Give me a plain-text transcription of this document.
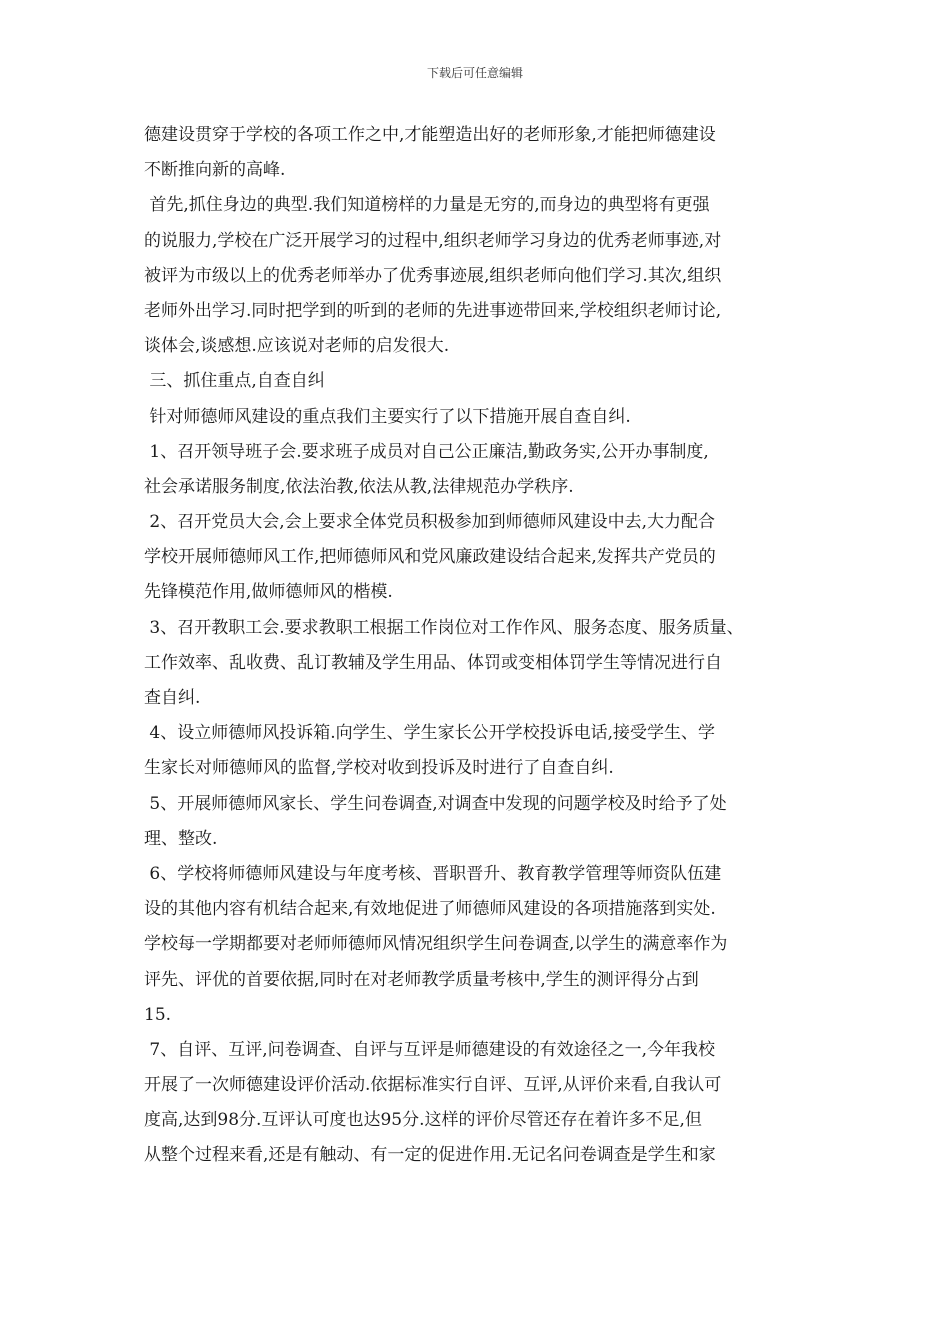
下载后可任意编辑
德建设贯穿于学校的各项工作之中,才能塑造出好的老师形象,才能把师德建设
不断推向新的高峰.
首先,抓住身边的典型.我们知道榜样的力量是无穷的,而身边的典型将有更强
的说服力,学校在广泛开展学习的过程中,组织老师学习身边的优秀老师事迹,对
被评为市级以上的优秀老师举办了优秀事迹展,组织老师向他们学习.其次,组织
老师外出学习.同时把学到的听到的老师的先进事迹带回来,学校组织老师讨论,
谈体会,谈感想.应该说对老师的启发很大.
三、抓住重点,自查自纠
针对师德师风建设的重点我们主要实行了以下措施开展自查自纠.
1、召开领导班子会.要求班子成员对自己公正廉洁,勤政务实,公开办事制度,
社会承诺服务制度,依法治教,依法从教,法律规范办学秩序.
2、召开党员大会,会上要求全体党员积极参加到师德师风建设中去,大力配合
学校开展师德师风工作,把师德师风和党风廉政建设结合起来,发挥共产党员的
先锋模范作用,做师德师风的楷模.
3、召开教职工会.要求教职工根据工作岗位对工作作风、服务态度、服务质量、
工作效率、乱收费、乱订教辅及学生用品、体罚或变相体罚学生等情况进行自
查自纠.
4、设立师德师风投诉箱.向学生、学生家长公开学校投诉电话,接受学生、学
生家长对师德师风的监督,学校对收到投诉及时进行了自查自纠.
5、开展师德师风家长、学生问卷调查,对调查中发现的问题学校及时给予了处
理、整改.
6、学校将师德师风建设与年度考核、晋职晋升、教育教学管理等师资队伍建
设的其他内容有机结合起来,有效地促进了师德师风建设的各项措施落到实处.
学校每一学期都要对老师师德师风情况组织学生问卷调查,以学生的满意率作为
评先、评优的首要依据,同时在对老师教学质量考核中,学生的测评得分占到
15.
7、自评、互评,问卷调查、自评与互评是师德建设的有效途径之一,今年我校
开展了一次师德建设评价活动.依据标准实行自评、互评,从评价来看,自我认可
度高,达到98分.互评认可度也达95分.这样的评价尽管还存在着许多不足,但
从整个过程来看,还是有触动、有一定的促进作用.无记名问卷调查是学生和家
